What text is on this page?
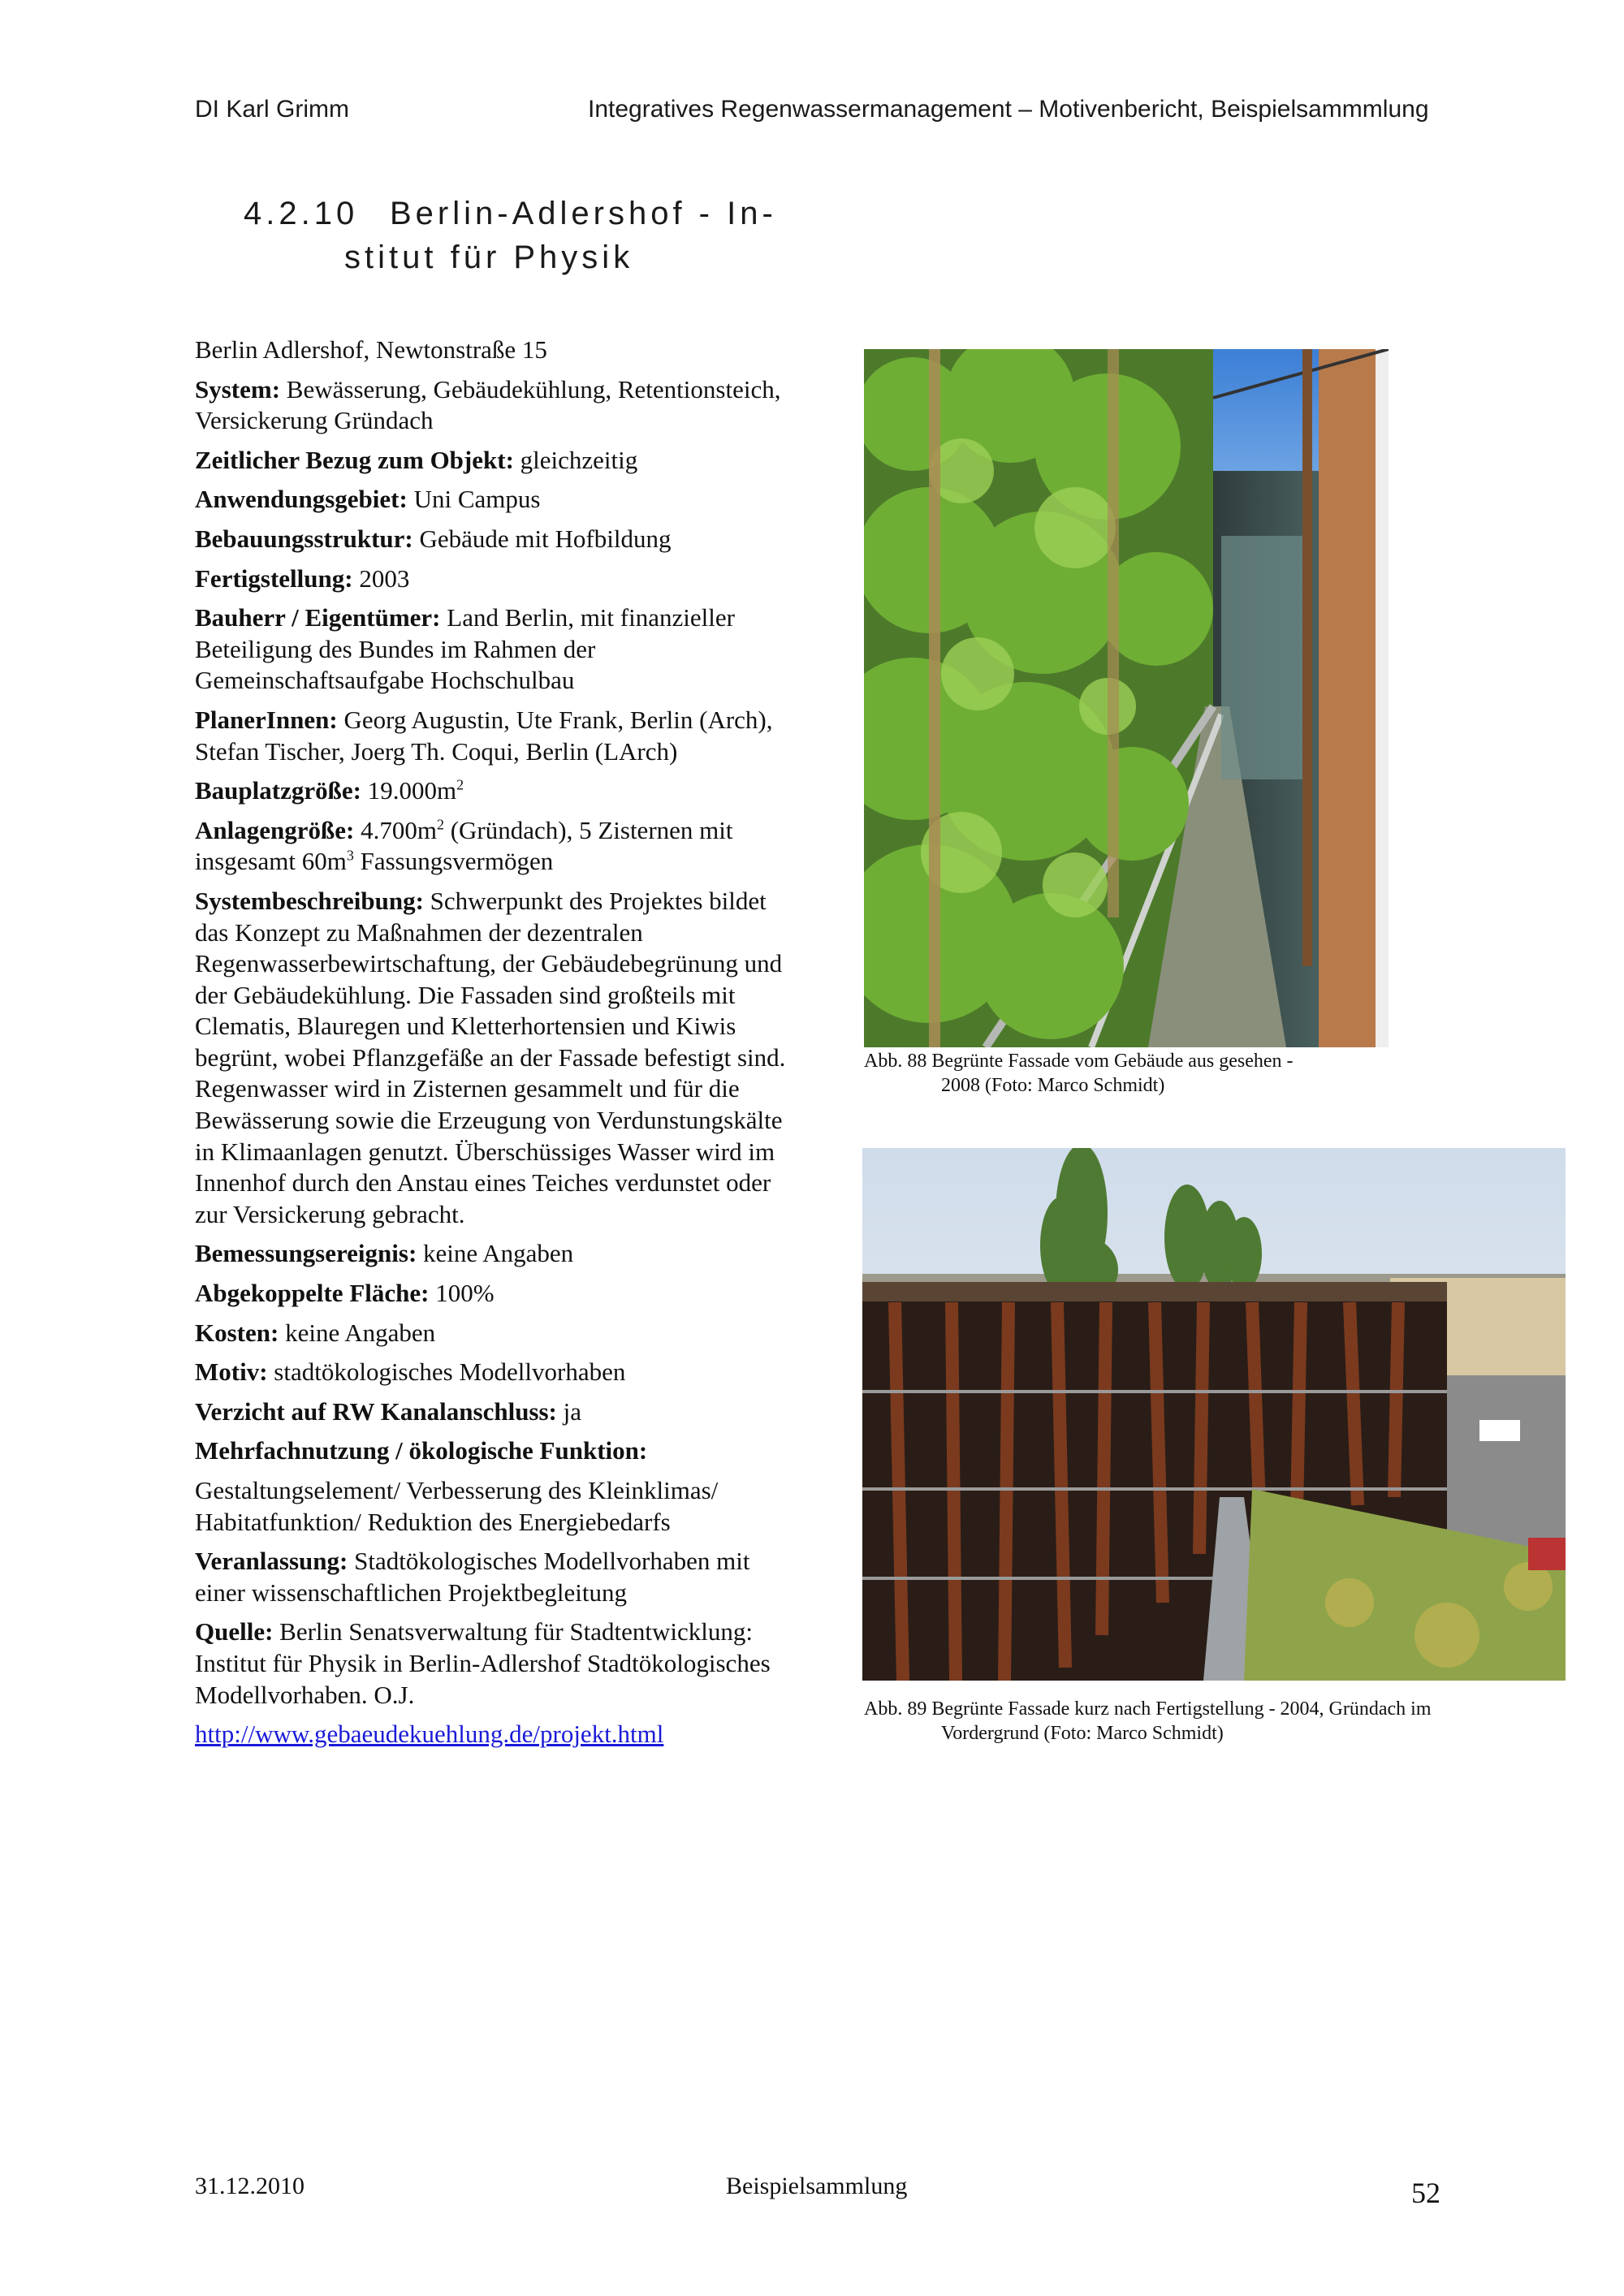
DI Karl Grimm	Integratives Regenwassermanagement – Motivenbericht, Beispielsammmlung
4.2.10 Berlin-Adlershof - In-
stitut für Physik

Berlin Adlershof, Newtonstraße 15

System: Bewässerung, Gebäudekühlung, Retentionsteich, Versickerung Gründach

Zeitlicher Bezug zum Objekt: gleichzeitig

Anwendungsgebiet: Uni Campus

Bebauungsstruktur: Gebäude mit Hofbildung

Fertigstellung: 2003

Bauherr / Eigentümer: Land Berlin, mit finanzieller Beteiligung des Bundes im Rahmen der Gemeinschaftsaufgabe Hochschulbau

PlanerInnen: Georg Augustin, Ute Frank, Berlin (Arch), Stefan Tischer, Joerg Th. Coqui, Berlin (LArch)

Bauplatzgröße: $19.000m^2$

Anlagengröße: $4.700m^2$ (Gründach), 5 Zisternen mit insgesamt $60m^3$ Fassungsvermögen

Systembeschreibung: Schwerpunkt des Projektes bildet das Konzept zu Maßnahmen der dezentralen Regenwasserbewirtschaftung, der Gebäudebegrünung und der Gebäudekühlung. Die Fassaden sind großteils mit Clematis, Blauregen und Kletterhortensien und Kiwis begrünt, wobei Pflanzgefäße an der Fassade befestigt sind. Regenwasser wird in Zisternen gesammelt und für die Bewässerung sowie die Erzeugung von Verdunstungskälte in Klimaanlagen genutzt. Überschüssiges Wasser wird im Innenhof durch den Anstau eines Teiches verdunstet oder zur Versickerung gebracht.

Bemessungsereignis: keine Angaben

Abgekoppelte Fläche: 100%

Kosten: keine Angaben

Motiv: stadtökologisches Modellvorhaben

Verzicht auf RW Kanalanschluss: ja

Mehrfachnutzung / ökologische Funktion:

Gestaltungselement/ Verbesserung des Kleinklimas/ Habitatfunktion/ Reduktion des Energiebedarfs

Veranlassung: Stadtökologisches Modellvorhaben mit einer wissenschaftlichen Projektbegleitung

Quelle: Berlin Senatsverwaltung für Stadtentwicklung: Institut für Physik in Berlin-Adlershof Stadtökologisches Modellvorhaben. O.J.

http://www.gebaeudekuehlung.de/projekt.html

Abb. 88 Begrünte Fassade vom Gebäude aus gesehen -
2008 (Foto: Marco Schmidt)
Abb. 89 Begrünte Fassade kurz nach Fertigstellung - 2004, Gründach im
Vordergrund (Foto: Marco Schmidt)
31.12.2010	Beispielsammlung	52
